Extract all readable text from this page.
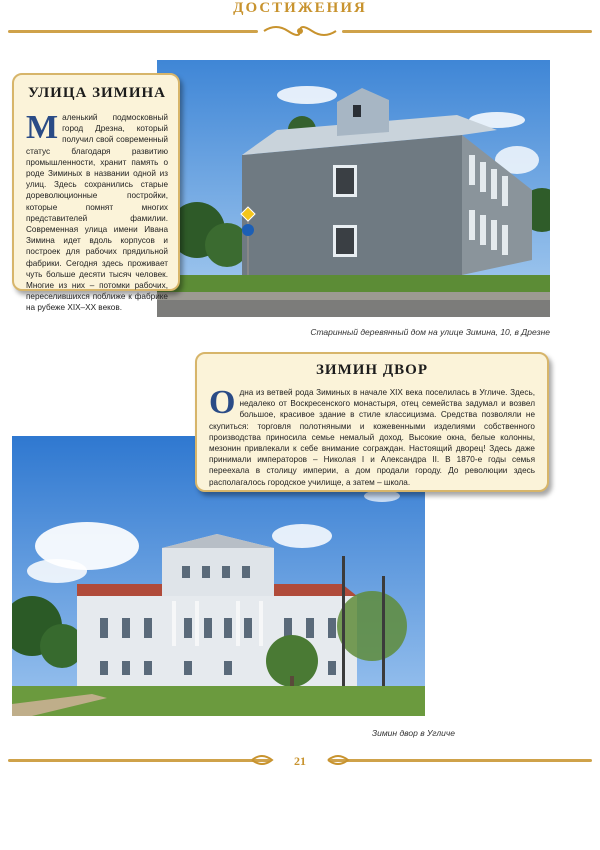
ДОСТИЖЕНИЯ
УЛИЦА ЗИМИНА
Маленький подмосковный город Дрезна, который получил свой современный статус благодаря развитию промышленности, хранит память о роде Зиминых в названии одной из улиц. Здесь сохранились старые дореволюционные постройки, которые помнят многих представителей фамилии. Современная улица имени Ивана Зимина идет вдоль корпусов и построек для рабочих прядильной фабрики. Сегодня здесь проживает чуть больше десяти тысяч человек. Многие из них – потомки рабочих, переселившихся поближе к фабрике на рубеже XIX–XX веков.
Старинный деревянный дом на улице Зимина, 10, в Дрезне
ЗИМИН ДВОР
Одна из ветвей рода Зиминых в начале XIX века поселилась в Угличе. Здесь, недалеко от Воскресенского монастыря, отец семейства задумал и возвел большое, красивое здание в стиле классицизма. Средства позволяли не скупиться: торговля полотняными и кожевенными изделиями собственного производства приносила семье немалый доход. Высокие окна, белые колонны, мезонин привлекали к себе внимание сограждан. Настоящий дворец! Здесь даже принимали императоров – Николая I и Александра II. В 1870-е годы семья переехала в столицу империи, а дом продали городу. До революции здесь располагалось городское училище, а затем – школа.
Зимин двор в Угличе
21
